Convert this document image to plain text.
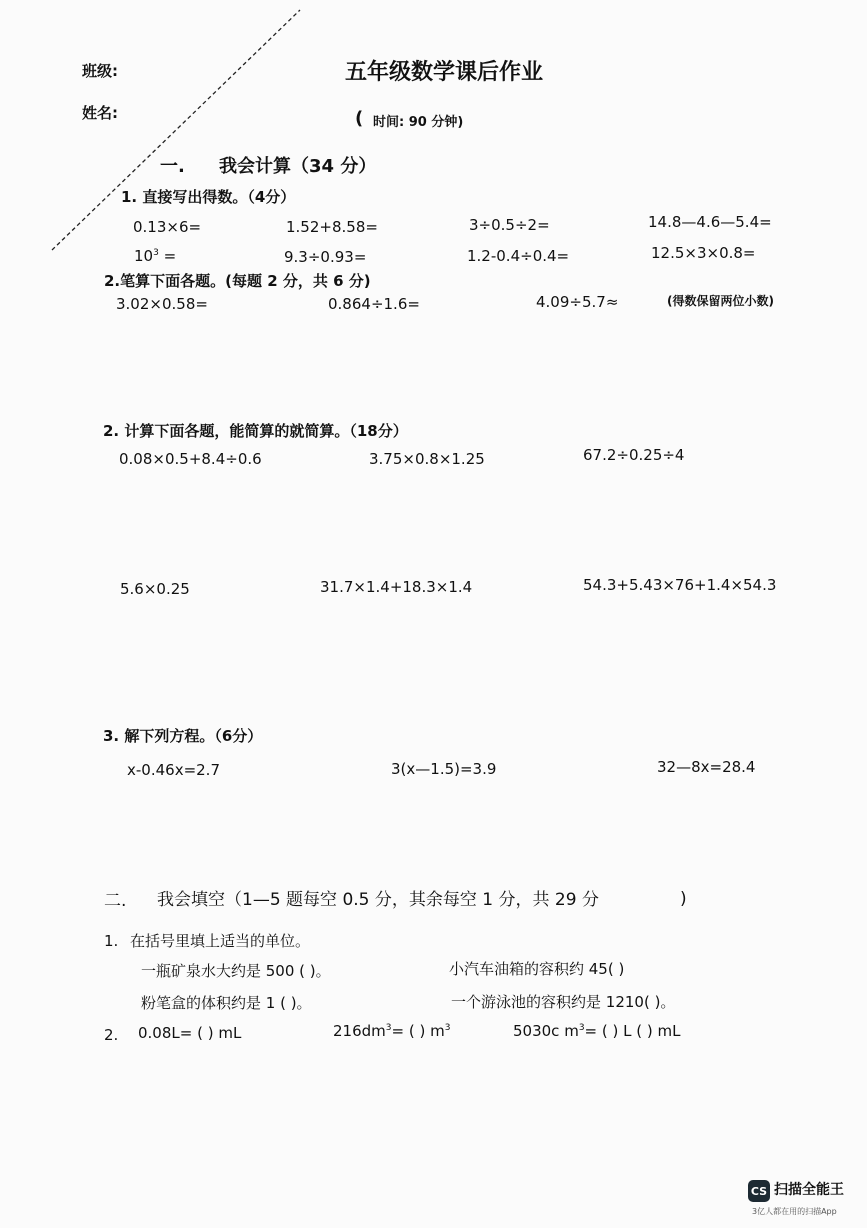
班级:
姓名:
五年级数学课后作业
( 时间: 90 分钟)
一. 我会计算（34 分）
1. 直接写出得数。（4分）
0.13×6=	1.52+8.58=	3÷0.5÷2=	14.8—4.6—5.4=
$10^3$ =	9.3÷0.93=	1.2-0.4÷0.4=	12.5×3×0.8=
2.笔算下面各题。(每题 2 分，共 6 分)
3.02×0.58=	0.864÷1.6=	4.09÷5.7≈	(得数保留两位小数)
2. 计算下面各题，能简算的就简算。（18分）
0.08×0.5+8.4÷0.6	3.75×0.8×1.25	67.2÷0.25÷4
5.6×0.25	31.7×1.4+18.3×1.4	54.3+5.43×76+1.4×54.3
3. 解下列方程。（6分）
x-0.46x=2.7	3(x—1.5)=3.9	32—8x=28.4
二. 我会填空（1—5 题每空 0.5 分，其余每空 1 分，共 29 分	)
1. 在括号里填上适当的单位。
一瓶矿泉水大约是 500 ( )。	小汽车油箱的容积约 45( )
粉笔盒的体积约是 1 ( )。	一个游泳池的容积约是 1210( )。
2. 0.08L= ( ) mL	$216dm^3=$ ( ) $m^3$	5030c $m^3=$ ( ) L ( ) mL
CS 扫描全能王
3亿人都在用的扫描App
